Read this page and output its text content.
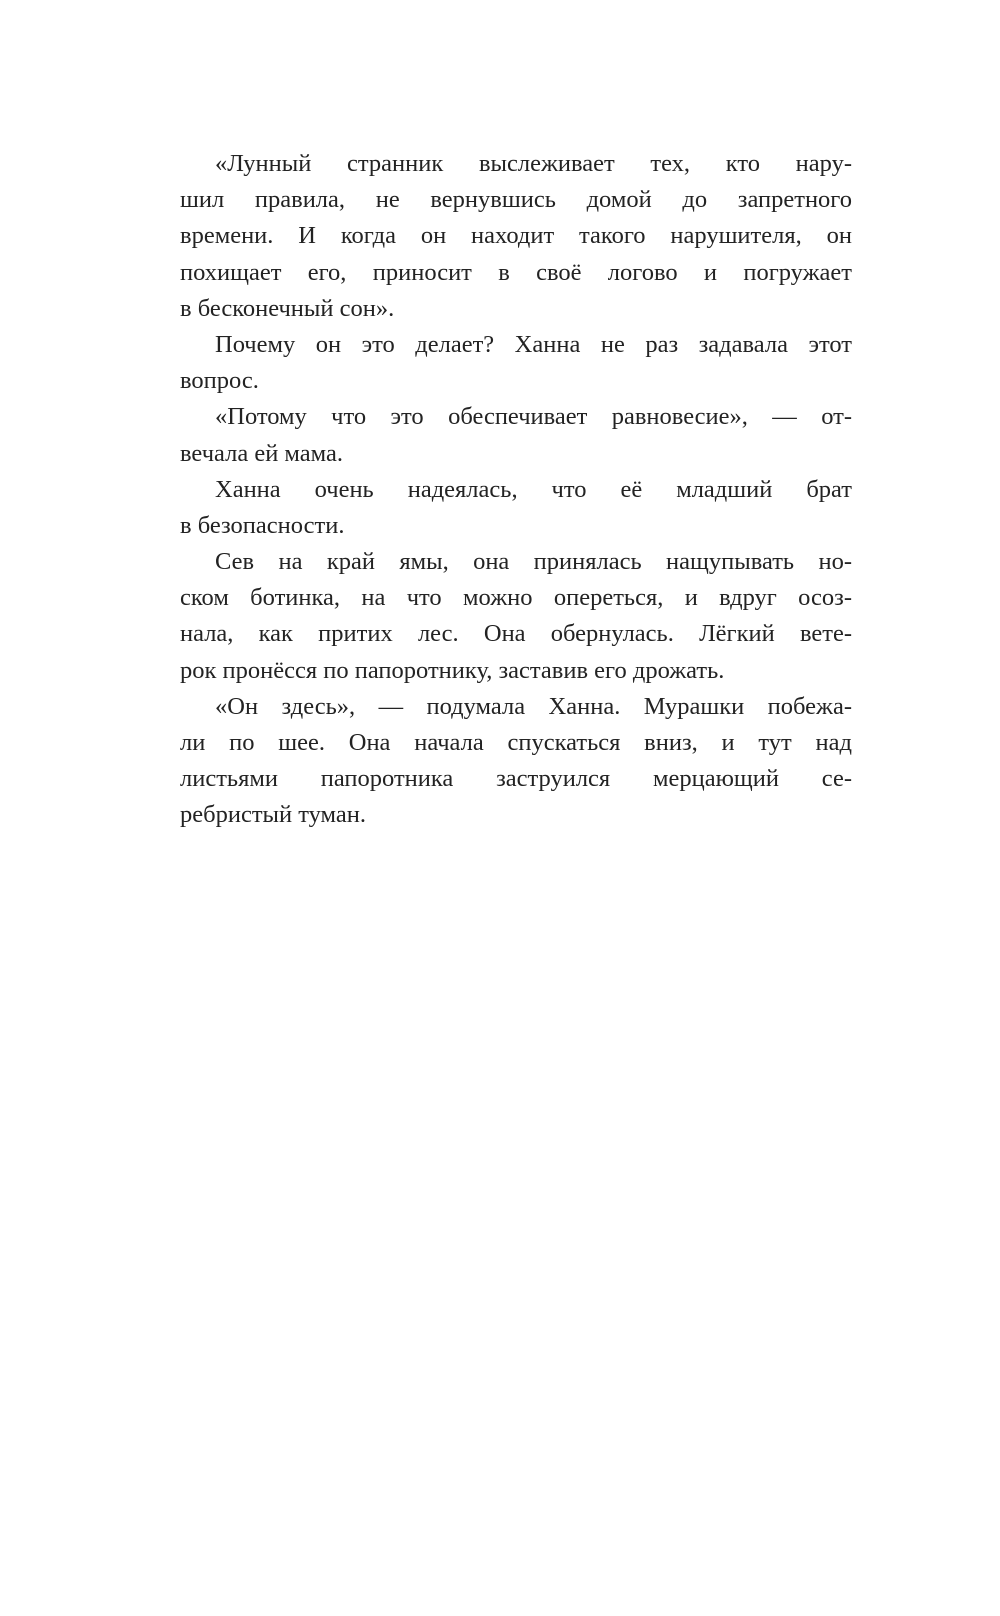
«Лунный странник выслеживает тех, кто нару-
шил правила, не вернувшись домой до запретного
времени. И когда он находит такого нарушителя, он
похищает его, приносит в своё логово и погружает
в бесконечный сон».
Почему он это делает? Ханна не раз задавала этот
вопрос.
«Потому что это обеспечивает равновесие», — от-
вечала ей мама.
Ханна очень надеялась, что её младший брат
в безопасности.
Сев на край ямы, она принялась нащупывать но-
ском ботинка, на что можно опереться, и вдруг осоз-
нала, как притих лес. Она обернулась. Лёгкий вете-
рок пронёсся по папоротнику, заставив его дрожать.
«Он здесь», — подумала Ханна. Мурашки побежа-
ли по шее. Она начала спускаться вниз, и тут над
листьями папоротника заструился мерцающий се-
ребристый туман.
